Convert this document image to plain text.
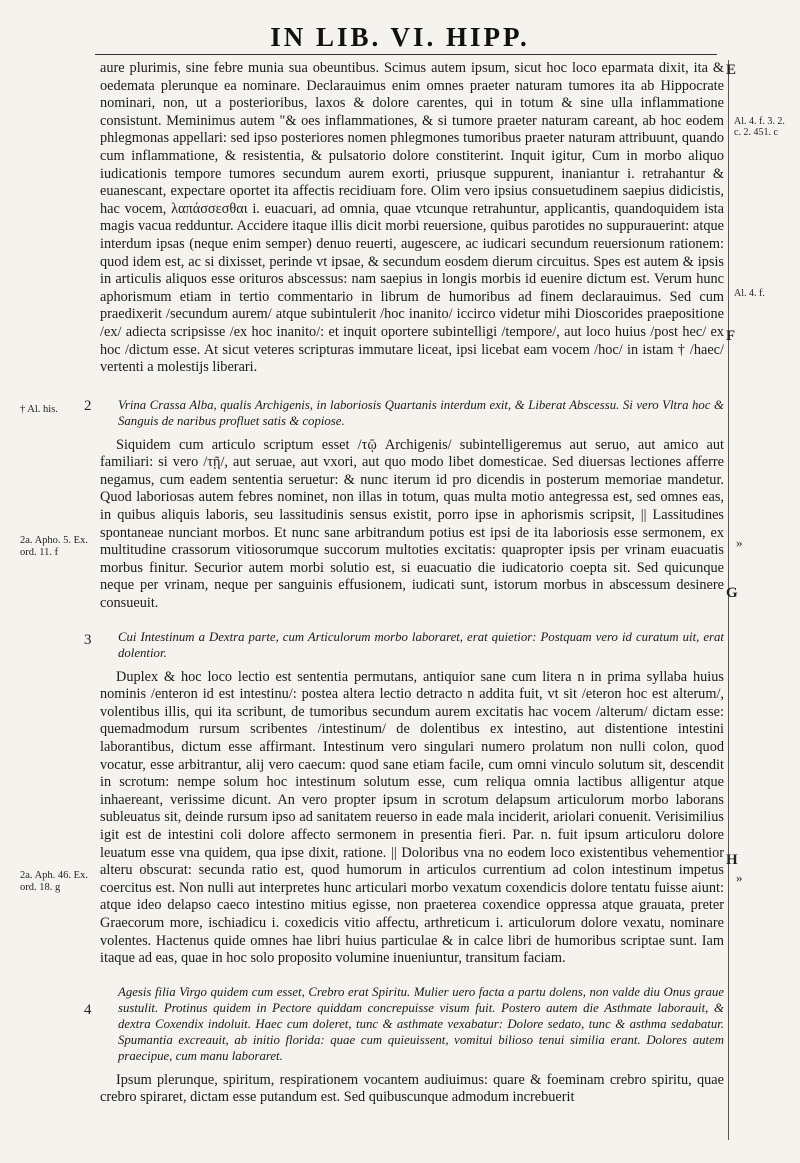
IN LIB. VI. HIPP.

aure plurimis, sine febre munia sua obeuntibus. Scimus autem ipsum, sicut hoc loco eparmata dixit, ita & oedemata plerunque ea nominare. Declarauimus enim omnes praeter naturam tumores ita ab Hippocrate nominari, non, ut a posterioribus, laxos & dolore carentes, qui in totum & sine ulla inflammatione consistunt. Meminimus autem "& oes inflammationes, & si tumore praeter naturam careant, ab hoc eodem phlegmonas appellari: sed ipso posteriores nomen phlegmones tumoribus praeter naturam attribuunt, quando cum inflammatione, & resistentia, & pulsatorio dolore constiterint. Inquit igitur, Cum in morbo aliquo iudicationis tempore tumores secundum aurem exorti, priusque suppurent, inaniantur i. retrahantur & euanescant, expectare oportet ita affectis recidiuam fore. Olim vero ipsius consuetudinem saepius didicistis, hac vocem, λαπάσσεσθαι i. euacuari, ad omnia, quae vtcunque retrahuntur, applicantis, quandoquidem ista magis vacua redduntur. Accidere itaque illis dicit morbi reuersione, quibus parotides no suppurauerint: atque interdum ipsas (neque enim semper) denuo reuerti, augescere, ac iudicari secundum reuersionum rationem: quod idem est, ac si dixisset, perinde vt ipsae, & secundum eosdem dierum circuitus. Spes est autem & ipsis in articulis aliquos esse orituros abscessus: nam saepius in longis morbis id euenire dictum est. Verum hunc aphorismum etiam in tertio commentario in librum de humoribus ad finem declarauimus. Sed cum praedixerit /secundum aurem/ atque subintulerit /hoc inanito/ iccirco videtur mihi Dioscorides praepositione /ex/ adiecta scripsisse /ex hoc inanito/: et inquit oportere subintelligi /tempore/, aut loco huius /post hec/ ex hoc /dictum esse. At sicut veteres scripturas immutare liceat, ipsi licebat eam vocem /hoc/ in istam † /haec/ vertenti a molestijs liberari.

Vrina Crassa Alba, qualis Archigenis, in laboriosis Quartanis interdum exit, & Liberat Abscessu. Si vero Vltra hoc & Sanguis de naribus profluet satis & copiose.

Siquidem cum articulo scriptum esset /τῷ Archigenis/ subintelligeremus aut seruo, aut amico aut familiari: si vero /τῇ/, aut seruae, aut vxori, aut quo modo libet domesticae. Sed diuersas lectiones afferre negamus, cum eadem sententia seruetur: & nunc iterum id pro dicendis in posterum memoriae mandetur. Quod laboriosas autem febres nominet, non illas in totum, quas multa motio antegressa est, sed omnes eas, in quibus aliquis laboris, seu lassitudinis sensus existit, porro ipse in aphorismis scripsit, || Lassitudines spontaneae nunciant morbos. Et nunc sane arbitrandum potius est ipsi de ita laboriosis esse sermonem, ex multitudine crassorum vitiosorumque succorum multoties excitatis: quapropter ipsis per vrinam euacuatis morbus finitur. Securior autem morbi solutio est, si euacuatio die iudicatorio coepta sit. Sed quicunque neque per vrinam, neque per sanguinis effusionem, iudicati sunt, istorum morbus in abscessum desinere consueuit.

Cui Intestinum a Dextra parte, cum Articulorum morbo laboraret, erat quietior: Postquam vero id curatum uit, erat dolentior.

Duplex & hoc loco lectio est sententia permutans, antiquior sane cum litera n in prima syllaba huius nominis /enteron id est intestinu/: postea altera lectio detracto n addita fuit, vt sit /eteron hoc est alterum/, volentibus illis, qui ita scribunt, de tumoribus secundum aurem excitatis hac vocem /alterum/ dictam esse: quemadmodum rursum scribentes /intestinum/ de dolentibus ex intestino, aut distentione intestini laborantibus, dictum esse affirmant. Intestinum vero singulari numero prolatum non nulli colon, quod vocatur, esse arbitrantur, alij vero caecum: quod sane etiam facile, cum omni vinculo solutum sit, descendit in scrotum: nempe solum hoc intestinum solutum esse, cum reliqua omnia lactibus alligentur atque inhaereant, verissime dicunt. An vero propter ipsum in scrotum delapsum articulorum morbo laborans subleuatus sit, deinde rursum ipso ad sanitatem reuerso in eade mala inciderit, ariolari conuenit. Verisimilius igit est de intestini coli dolore affecto sermonem in presentia fieri. Par. n. fuit ipsum articuloru dolore leuatum esse vna quidem, qua ipse dixit, ratione. || Doloribus vna no eodem loco existentibus vehementior alteru obscurat: secunda ratio est, quod humorum in articulos currentium ad colon intestinum impetus coercitus est. Non nulli aut interpretes hunc articulari morbo vexatum coxendicis dolore tentatu fuisse aiunt: atque ideo delapso caeco intestino mitius egisse, non praeterea coxendice oppressa atque grauata, preter Graecorum more, ischiadicu i. coxedicis vitio affectu, arthreticum i. articulorum dolore vexatu, nominare volentes. Hactenus quide omnes hae libri huius particulae & in calce libri de humoribus scriptae sunt. Iam itaque ad eas, quae in hoc solo proposito volumine inueniuntur, transitum faciam.

Agesis filia Virgo quidem cum esset, Crebro erat Spiritu. Mulier uero facta a partu dolens, non valde diu Onus graue sustulit. Protinus quidem in Pectore quiddam concrepuisse visum fuit. Postero autem die Asthmate laborauit, & dextra Coxendix indoluit. Haec cum doleret, tunc & asthmate vexabatur: Dolore sedato, tunc & asthma sedabatur. Spumantia excreauit, ab initio florida: quae cum quieuissent, vomitui bilioso tenui similia erant. Dolores autem praecipue, cum manu laboraret.

Ipsum plerunque, spiritum, respirationem vocantem audiuimus: quare & foeminam crebro spiritu, quae crebro spiraret, dictam esse putandum est. Sed quibuscunque admodum increbuerit

† Al. his.	2
2a. Apho. 5. Ex. ord. 11. f
3
2a. Aph. 46. Ex. ord. 18. g
4
Al. 4. f. 3. 2. c. 2. 451. c
Al. 4. f.
E
F
G
H
»
»
